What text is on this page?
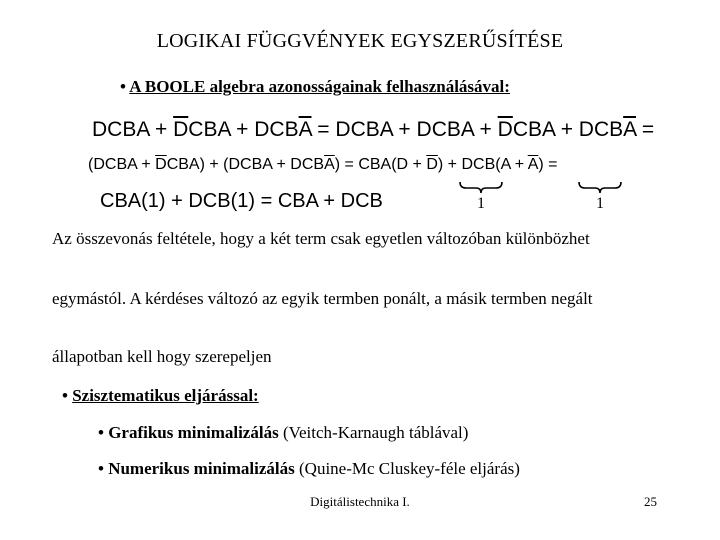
LOGIKAI FÜGGVÉNYEK EGYSZERŰSÍTÉSE
• A BOOLE algebra azonosságainak felhasználásával:
DCBA + $\overline{D}CBA + DCB\overline{A}$ = DCBA + DCBA + $\overline{D}CBA + DCB\overline{A}$ =
(DCBA + $\overline{D}CBA$) + (DCBA + $DCB\overline{A}) = CBA(D + \overline{D}) + DCB(A + \overline{A})$ =
CBA(1) + DCB(1) = CBA + DCB	1	1
Az összevonás feltétele, hogy a két term csak egyetlen változóban különbözhet
egymástól. A kérdéses változó az egyik termben ponált, a másik termben negált
állapotban kell hogy szerepeljen
• Szisztematikus eljárással:
• Grafikus minimalizálás (Veitch-Karnaugh táblával)
• Numerikus minimalizálás (Quine-Mc Cluskey-féle eljárás)
Digitálistechnika I.	25
